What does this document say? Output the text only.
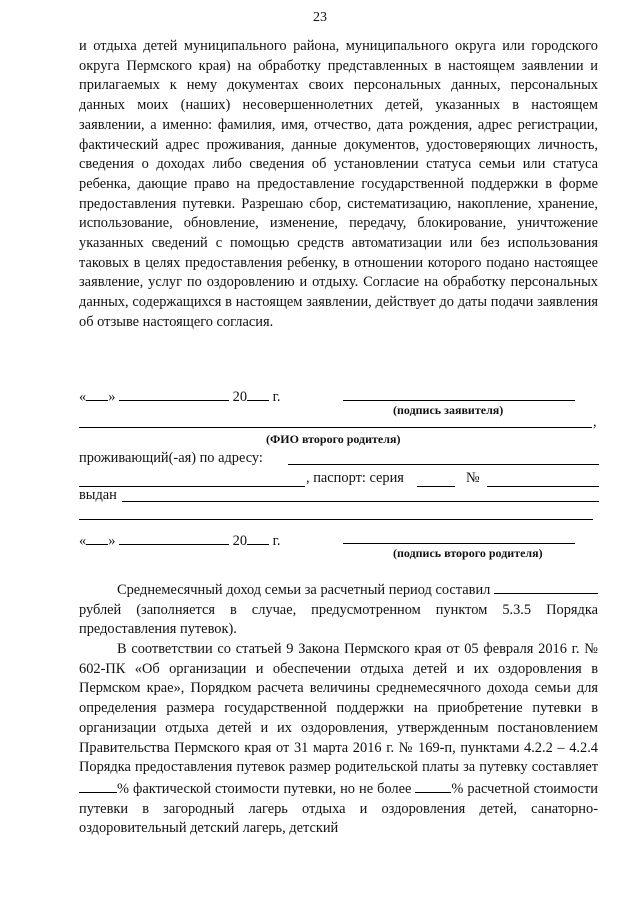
23

и отдыха детей муниципального района, муниципального округа или городского округа Пермского края) на обработку представленных в настоящем заявлении и прилагаемых к нему документах своих персональных данных, персональных данных моих (наших) несовершеннолетних детей, указанных в настоящем заявлении, а именно: фамилия, имя, отчество, дата рождения, адрес регистрации, фактический адрес проживания, данные документов, удостоверяющих личность, сведения о доходах либо сведения об установлении статуса семьи или статуса ребенка, дающие право на предоставление государственной поддержки в форме предоставления путевки. Разрешаю сбор, систематизацию, накопление, хранение, использование, обновление, изменение, передачу, блокирование, уничтожение указанных сведений с помощью средств автоматизации или без использования таковых в целях предоставления ребенку, в отношении которого подано настоящее заявление, услуг по оздоровлению и отдыху. Согласие на обработку персональных данных, содержащихся в настоящем заявлении, действует до даты подачи заявления об отзыве настоящего согласия.

« »	20 г.
(подпись заявителя)
,
(ФИО второго родителя)
проживающий(-ая) по адресу:
, паспорт: серия	№
выдан
« »	20 г.
(подпись второго родителя)

Среднемесячный доход семьи за расчетный период составил  рублей (заполняется в случае, предусмотренном пунктом 5.3.5 Порядка предоставления путевок).

В соответствии со статьей 9 Закона Пермского края от 05 февраля 2016 г. № 602-ПК «Об организации и обеспечении отдыха детей и их оздоровления в Пермском крае», Порядком расчета величины среднемесячного дохода семьи для определения размера государственной поддержки на приобретение путевки в организации отдыха детей и их оздоровления, утвержденным постановлением Правительства Пермского края от 31 марта 2016 г. № 169-п, пунктами 4.2.2 – 4.2.4 Порядка предоставления путевок размер родительской платы за путевку составляет % фактической стоимости путевки, но не более	% расчетной стоимости путевки в загородный лагерь отдыха и оздоровления детей, санаторно-оздоровительный детский лагерь, детский
